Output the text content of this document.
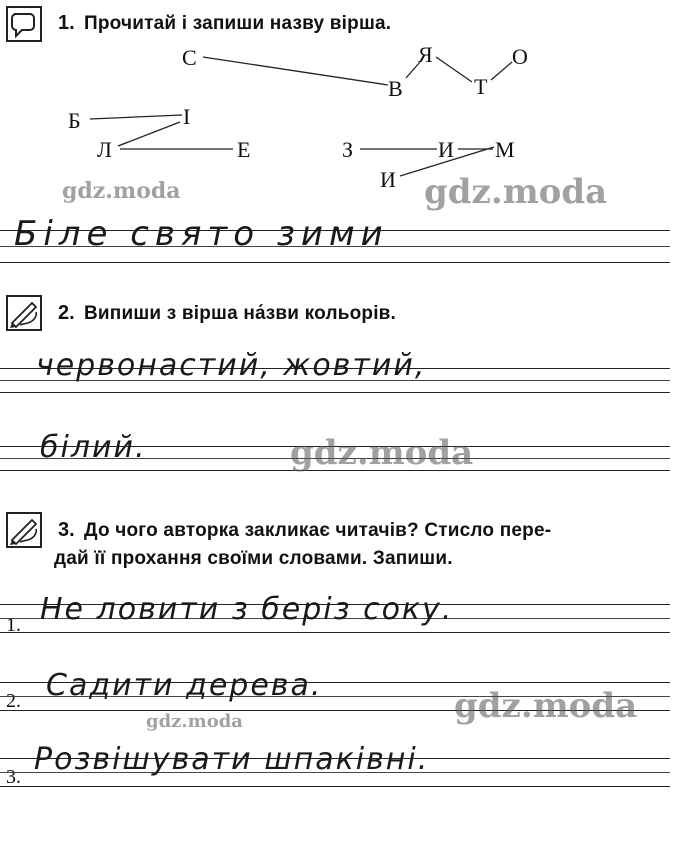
1. Прочитай і запиши назву вірша.
С	Я	О
В	Т
Б	І
Л	Е	З	И М
И
gdz.moda	gdz.moda
Біле свято зими
2. Випиши з вірша на́зви кольорів.
червонастий, жовтий,
білий.	gdz.moda
3. До чого авторка закликає читачів? Стисло пере-
дай її прохання своїми словами. Запиши.
1. Не ловити з беріз соку.
2. Садити дерева.
gdz.moda	gdz.moda
3. Розвішувати шпаківні.
